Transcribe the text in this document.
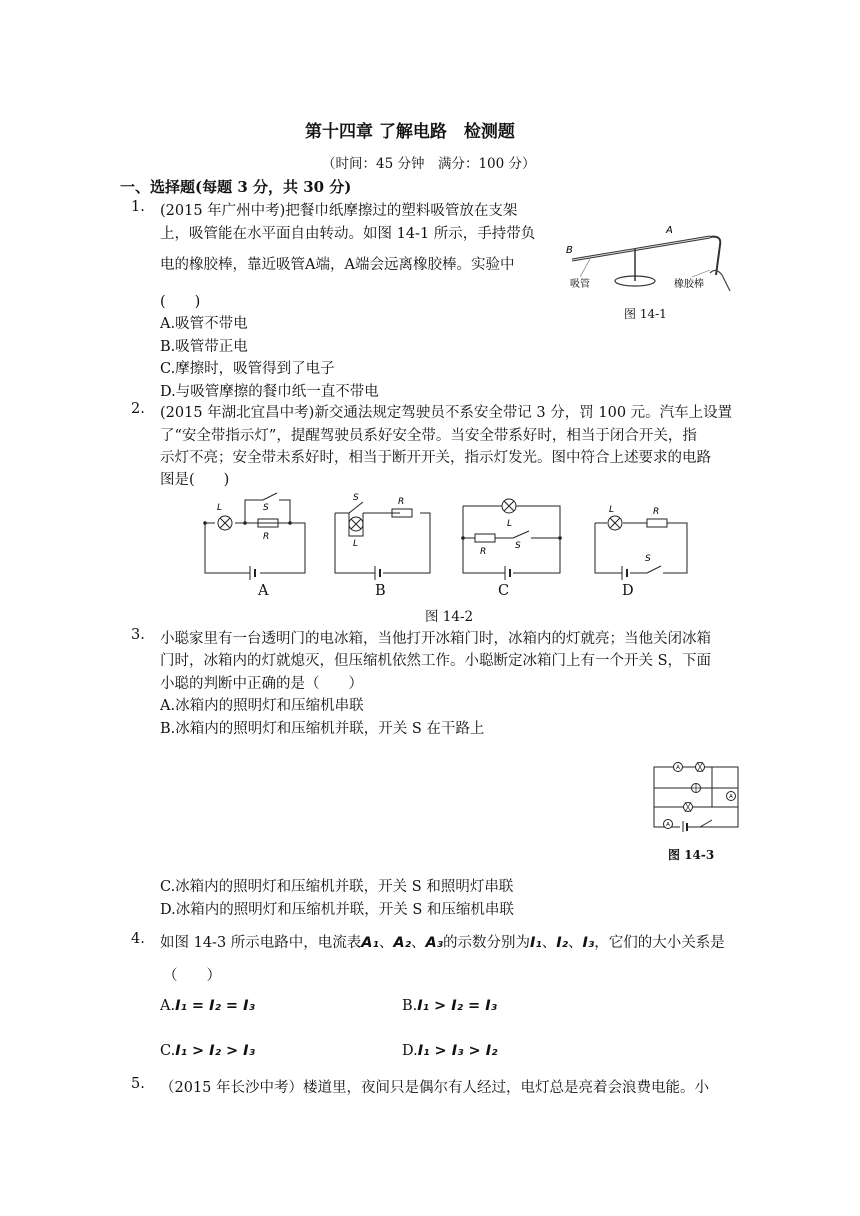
第十四章 了解电路　检测题
（时间：45 分钟　满分：100 分）
一、选择题(每题 3 分，共 30 分)
1. (2015 年广州中考)把餐巾纸摩擦过的塑料吸管放在支架
上，吸管能在水平面自由转动。如图 14-1 所示，手持带负
电的橡胶棒，靠近吸管A端，A端会远离橡胶棒。实验中
(　　)
A.吸管不带电
B.吸管带正电
C.摩擦时，吸管得到了电子
D.与吸管摩擦的餐巾纸一直不带电
A
B
吸管	橡胶棒
图 14-1
2. (2015 年湖北宜昌中考)新交通法规定驾驶员不系安全带记 3 分，罚 100 元。汽车上设置
了“安全带指示灯”，提醒驾驶员系好安全带。当安全带系好时，相当于闭合开关，指
示灯不亮；安全带未系好时，相当于断开开关，指示灯发光。图中符合上述要求的电路
图是(　　)
L	S
R
L
S	R
L
S
R
L	R
S
A	B	C	D
图 14-2
3. 小聪家里有一台透明门的电冰箱，当他打开冰箱门时，冰箱内的灯就亮；当他关闭冰箱
门时，冰箱内的灯就熄灭，但压缩机依然工作。小聪断定冰箱门上有一个开关 S，下面
小聪的判断中正确的是（　　）
A.冰箱内的照明灯和压缩机串联
B.冰箱内的照明灯和压缩机并联，开关 S 在干路上
A
A
A
图 14-3
C.冰箱内的照明灯和压缩机并联，开关 S 和照明灯串联
D.冰箱内的照明灯和压缩机并联，开关 S 和压缩机串联
4. 如图 14-3 所示电路中，电流表A₁、A₂、A₃的示数分别为I₁、I₂、I₃，它们的大小关系是
（　　）
A.I₁ = I₂ = I₃	B.I₁ > I₂ = I₃
C.I₁ > I₂ > I₃	D.I₁ > I₃ > I₂
5. （2015 年长沙中考）楼道里，夜间只是偶尔有人经过，电灯总是亮着会浪费电能。小
